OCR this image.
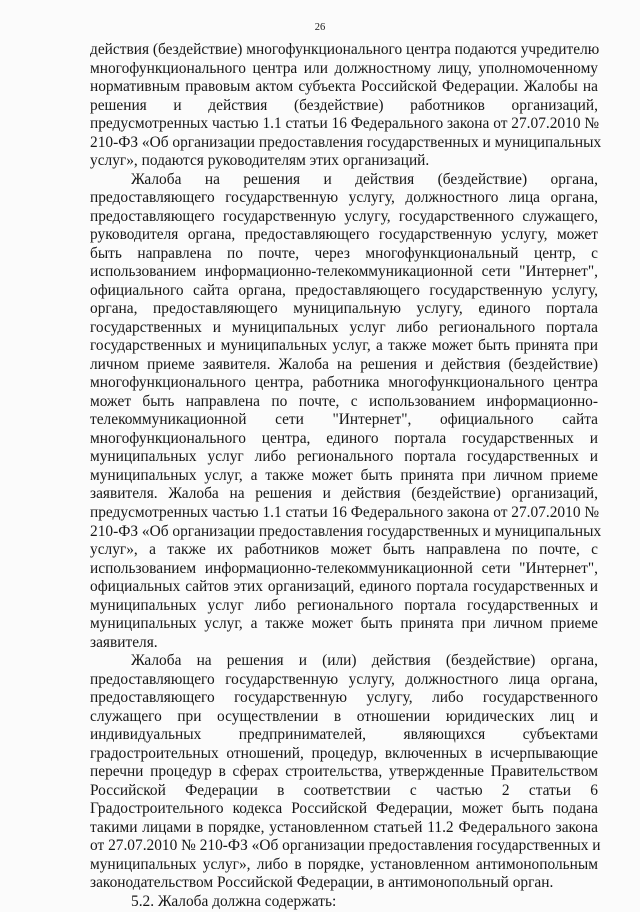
26
действия (бездействие) многофункционального центра подаются учредителю
многофункционального центра или должностному лицу, уполномоченному
нормативным правовым актом субъекта Российской Федерации. Жалобы на
решения и действия (бездействие) работников организаций,
предусмотренных частью 1.1 статьи 16 Федерального закона от 27.07.2010 №
210-ФЗ «Об организации предоставления государственных и муниципальных
услуг», подаются руководителям этих организаций.
Жалоба на решения и действия (бездействие) органа,
предоставляющего государственную услугу, должностного лица органа,
предоставляющего государственную услугу, государственного служащего,
руководителя органа, предоставляющего государственную услугу, может
быть направлена по почте, через многофункциональный центр, с
использованием информационно-телекоммуникационной сети "Интернет",
официального сайта органа, предоставляющего государственную услугу,
органа, предоставляющего муниципальную услугу, единого портала
государственных и муниципальных услуг либо регионального портала
государственных и муниципальных услуг, а также может быть принята при
личном приеме заявителя. Жалоба на решения и действия (бездействие)
многофункционального центра, работника многофункционального центра
может быть направлена по почте, с использованием информационно-
телекоммуникационной сети "Интернет", официального сайта
многофункционального центра, единого портала государственных и
муниципальных услуг либо регионального портала государственных и
муниципальных услуг, а также может быть принята при личном приеме
заявителя. Жалоба на решения и действия (бездействие) организаций,
предусмотренных частью 1.1 статьи 16 Федерального закона от 27.07.2010 №
210-ФЗ «Об организации предоставления государственных и муниципальных
услуг», а также их работников может быть направлена по почте, с
использованием информационно-телекоммуникационной сети "Интернет",
официальных сайтов этих организаций, единого портала государственных и
муниципальных услуг либо регионального портала государственных и
муниципальных услуг, а также может быть принята при личном приеме
заявителя.
Жалоба на решения и (или) действия (бездействие) органа,
предоставляющего государственную услугу, должностного лица органа,
предоставляющего государственную услугу, либо государственного
служащего при осуществлении в отношении юридических лиц и
индивидуальных предпринимателей, являющихся субъектами
градостроительных отношений, процедур, включенных в исчерпывающие
перечни процедур в сферах строительства, утвержденные Правительством
Российской Федерации в соответствии с частью 2 статьи 6
Градостроительного кодекса Российской Федерации, может быть подана
такими лицами в порядке, установленном статьей 11.2 Федерального закона
от 27.07.2010 № 210-ФЗ «Об организации предоставления государственных и
муниципальных услуг», либо в порядке, установленном антимонопольным
законодательством Российской Федерации, в антимонопольный орган.
5.2. Жалоба должна содержать:
